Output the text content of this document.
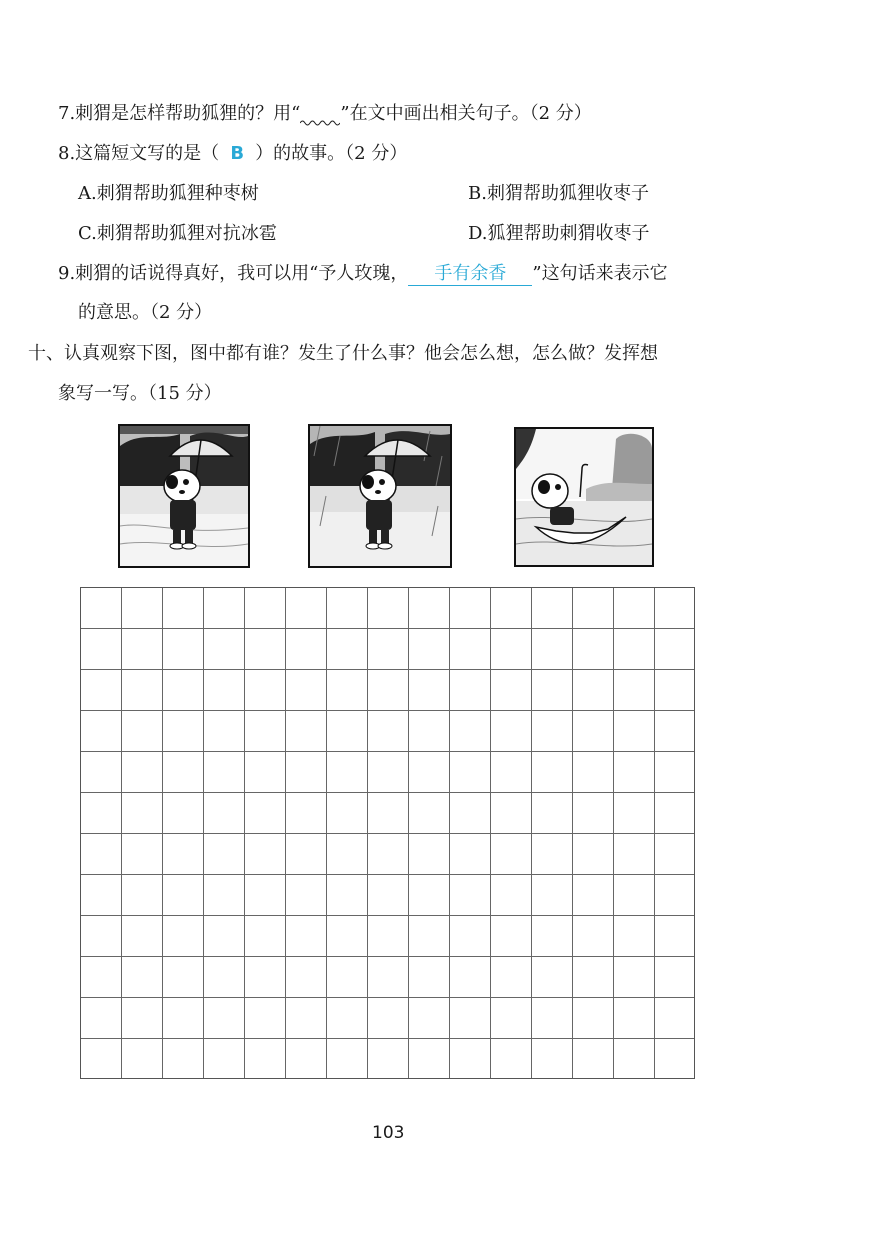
7.刺猬是怎样帮助狐狸的？用“ ”在文中画出相关句子。（2 分）
8.这篇短文写的是（ B ）的故事。（2 分）
A.刺猬帮助狐狸种枣树	B.刺猬帮助狐狸收枣子
C.刺猬帮助狐狸对抗冰雹	D.狐狸帮助刺猬收枣子
9.刺猬的话说得真好，我可以用“予人玫瑰， 手有余香 ”这句话来表示它
的意思。（2 分）
十、认真观察下图，图中都有谁？发生了什么事？他会怎么想，怎么做？发挥想
象写一写。（15 分）
103
